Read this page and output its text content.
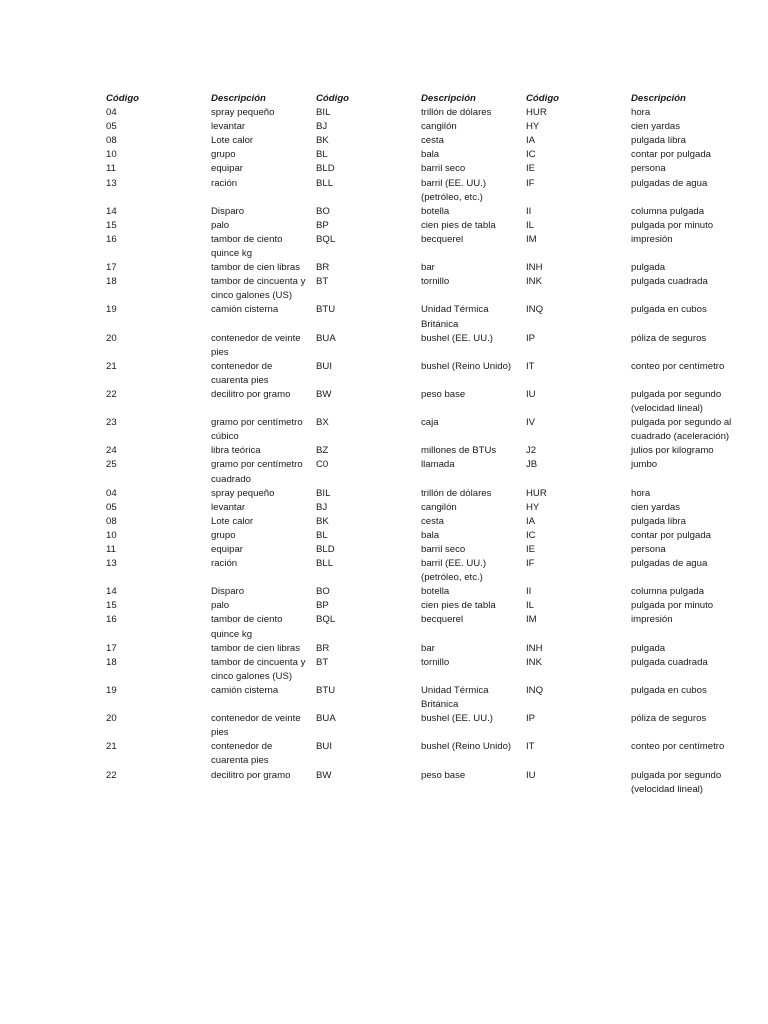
Código	Descripción	Código	Descripción	Código	Descripción
04	spray pequeño	BIL	trillón de dólares	HUR	hora
05	levantar	BJ	cangilón	HY	cien yardas
08	Lote calor	BK	cesta	IA	pulgada libra
10	grupo	BL	bala	IC	contar por pulgada
11	equipar	BLD	barril seco	IE	persona
13	ración	BLL	barril (EE. UU.) (petróleo, etc.)	IF	pulgadas de agua
14	Disparo	BO	botella	II	columna pulgada
15	palo	BP	cien pies de tabla	IL	pulgada por minuto
16	tambor de ciento quince kg	BQL	becquerel	IM	impresión
17	tambor de cien libras	BR	bar	INH	pulgada
18	tambor de cincuenta y cinco galones (US)	BT	tornillo	INK	pulgada cuadrada
19	camión cisterna	BTU	Unidad Térmica Británica	INQ	pulgada en cubos
20	contenedor de veinte pies	BUA	bushel (EE. UU.)	IP	póliza de seguros
21	contenedor de cuarenta pies	BUI	bushel (Reino Unido)	IT	conteo por centímetro
22	decilitro por gramo	BW	peso base	IU	pulgada por segundo (velocidad lineal)
23	gramo por centímetro cúbico	BX	caja	IV	pulgada por segundo al cuadrado (aceleración)
24	libra teórica	BZ	millones de BTUs	J2	julios por kilogramo
25	gramo por centímetro cuadrado	C0	llamada	JB	jumbo
04	spray pequeño	BIL	trillón de dólares	HUR	hora
05	levantar	BJ	cangilón	HY	cien yardas
08	Lote calor	BK	cesta	IA	pulgada libra
10	grupo	BL	bala	IC	contar por pulgada
11	equipar	BLD	barril seco	IE	persona
13	ración	BLL	barril (EE. UU.) (petróleo, etc.)	IF	pulgadas de agua
14	Disparo	BO	botella	II	columna pulgada
15	palo	BP	cien pies de tabla	IL	pulgada por minuto
16	tambor de ciento quince kg	BQL	becquerel	IM	impresión
17	tambor de cien libras	BR	bar	INH	pulgada
18	tambor de cincuenta y cinco galones (US)	BT	tornillo	INK	pulgada cuadrada
19	camión cisterna	BTU	Unidad Térmica Británica	INQ	pulgada en cubos
20	contenedor de veinte pies	BUA	bushel (EE. UU.)	IP	póliza de seguros
21	contenedor de cuarenta pies	BUI	bushel (Reino Unido)	IT	conteo por centímetro
22	decilitro por gramo	BW	peso base	IU	pulgada por segundo (velocidad lineal)
